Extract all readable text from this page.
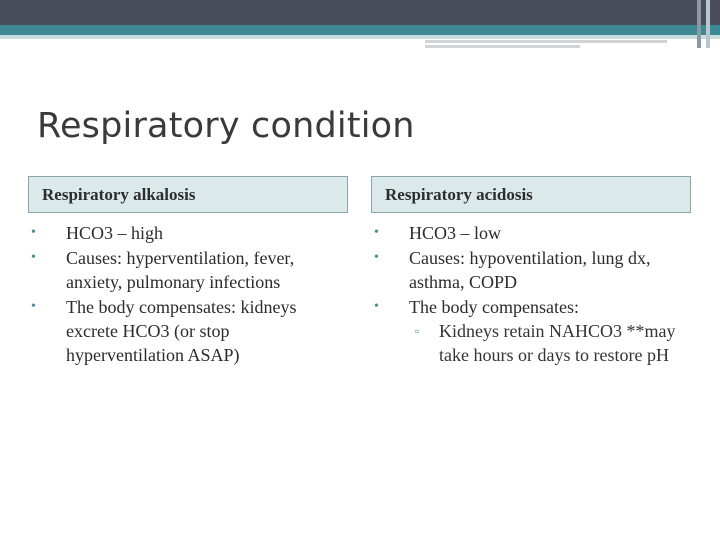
Respiratory condition
Respiratory alkalosis
• HCO3 – high
• Causes: hyperventilation, fever, anxiety, pulmonary infections
• The body compensates: kidneys excrete HCO3 (or stop hyperventilation ASAP)
Respiratory acidosis
• HCO3 – low
• Causes: hypoventilation, lung dx, asthma, COPD
• The body compensates:
▫ Kidneys retain NAHCO3 **may take hours or days to restore pH
